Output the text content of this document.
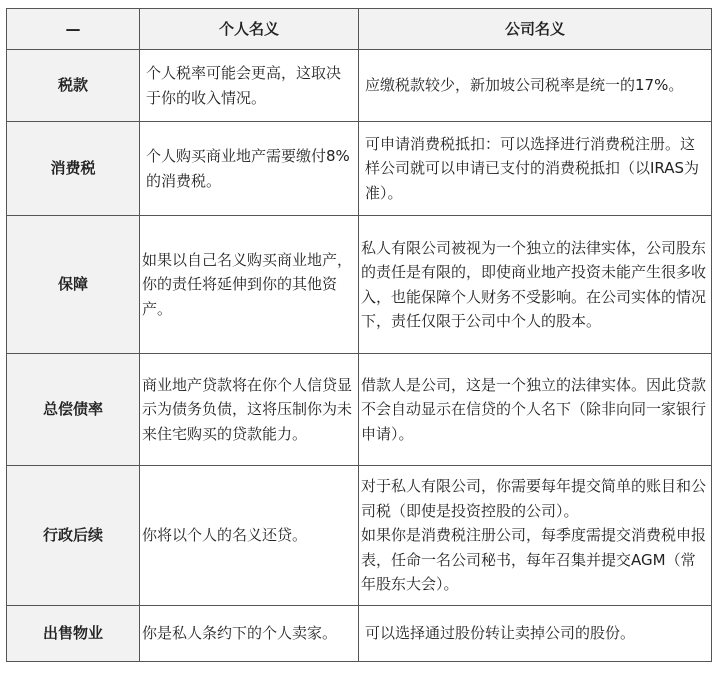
—	个人名义	公司名义
税款	个人税率可能会更高，这取决于你的收入情况。	应缴税款较少，新加坡公司税率是统一的17%。
消费税	个人购买商业地产需要缴付8%的消费税。	可申请消费税抵扣：可以选择进行消费税注册。这样公司就可以申请已支付的消费税抵扣（以IRAS为准）。
保障	如果以自己名义购买商业地产，你的责任将延伸到你的其他资产。	私人有限公司被视为一个独立的法律实体，公司股东的责任是有限的，即使商业地产投资未能产生很多收入，也能保障个人财务不受影响。在公司实体的情况下，责任仅限于公司中个人的股本。
总偿债率	商业地产贷款将在你个人信贷显示为债务负债，这将压制你为未来住宅购买的贷款能力。	借款人是公司，这是一个独立的法律实体。因此贷款不会自动显示在信贷的个人名下（除非向同一家银行申请）。
行政后续	你将以个人的名义还贷。	对于私人有限公司，你需要每年提交简单的账目和公司税（即使是投资控股的公司）。
如果你是消费税注册公司，每季度需提交消费税申报表，任命一名公司秘书，每年召集并提交AGM（常年股东大会）。

出售物业	你是私人条约下的个人卖家。	可以选择通过股份转让卖掉公司的股份。
